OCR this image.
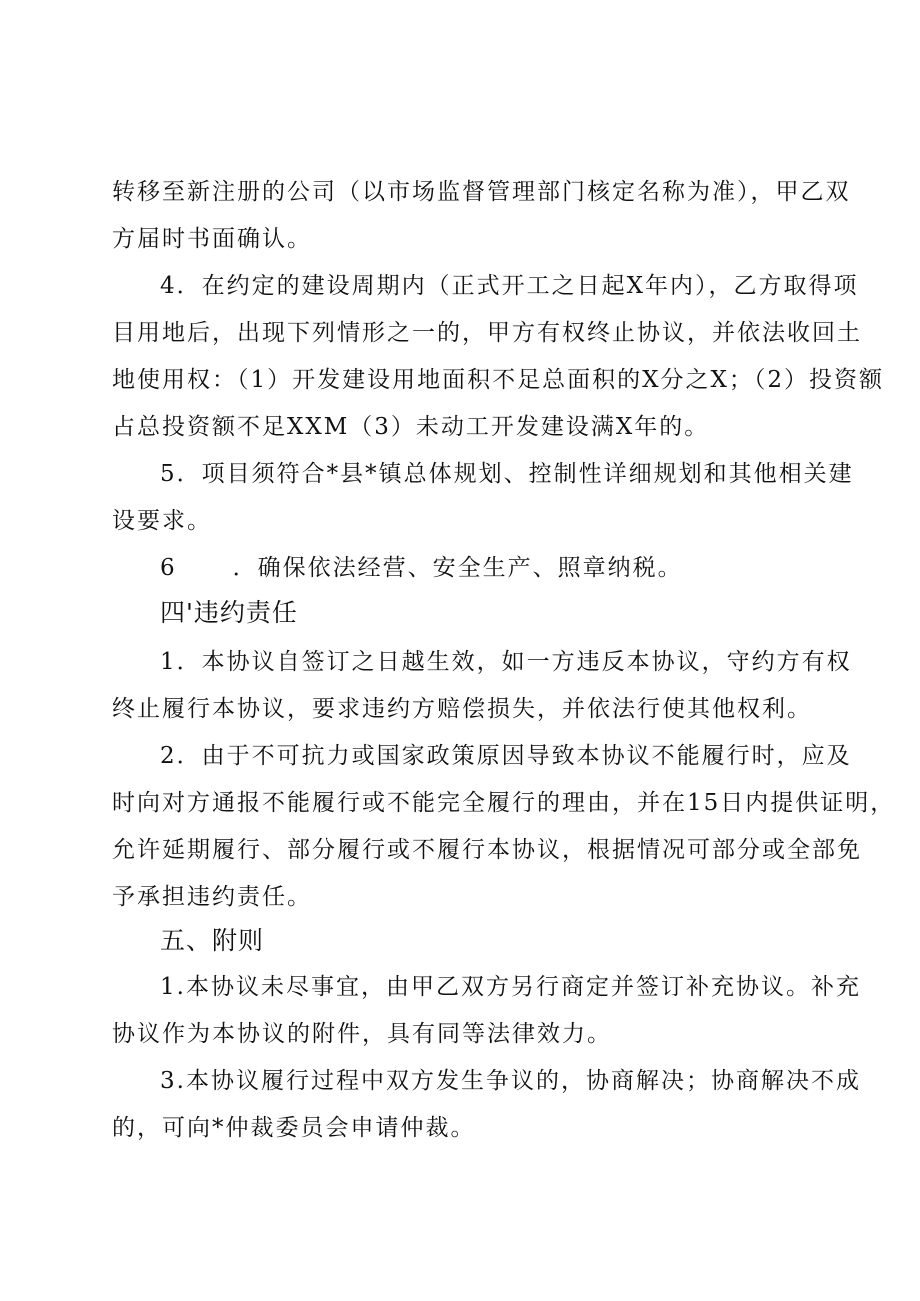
转移至新注册的公司（以市场监督管理部门核定名称为准），甲乙双
方届时书面确认。
4．在约定的建设周期内（正式开工之日起X年内），乙方取得项
目用地后，出现下列情形之一的，甲方有权终止协议，并依法收回土
地使用权：（1）开发建设用地面积不足总面积的X分之X；（2）投资额
占总投资额不足XXM（3）未动工开发建设满X年的。
5．项目须符合*县*镇总体规划、控制性详细规划和其他相关建
设要求。
6 ．确保依法经营、安全生产、照章纳税。
四'违约责任
1．本协议自签订之日越生效，如一方违反本协议，守约方有权
终止履行本协议，要求违约方赔偿损失，并依法行使其他权利。
2．由于不可抗力或国家政策原因导致本协议不能履行时，应及
时向对方通报不能履行或不能完全履行的理由，并在15日内提供证明，
允许延期履行、部分履行或不履行本协议，根据情况可部分或全部免
予承担违约责任。
五、附则
1.本协议未尽事宜，由甲乙双方另行商定并签订补充协议。补充
协议作为本协议的附件，具有同等法律效力。
3.本协议履行过程中双方发生争议的，协商解决；协商解决不成
的，可向*仲裁委员会申请仲裁。
